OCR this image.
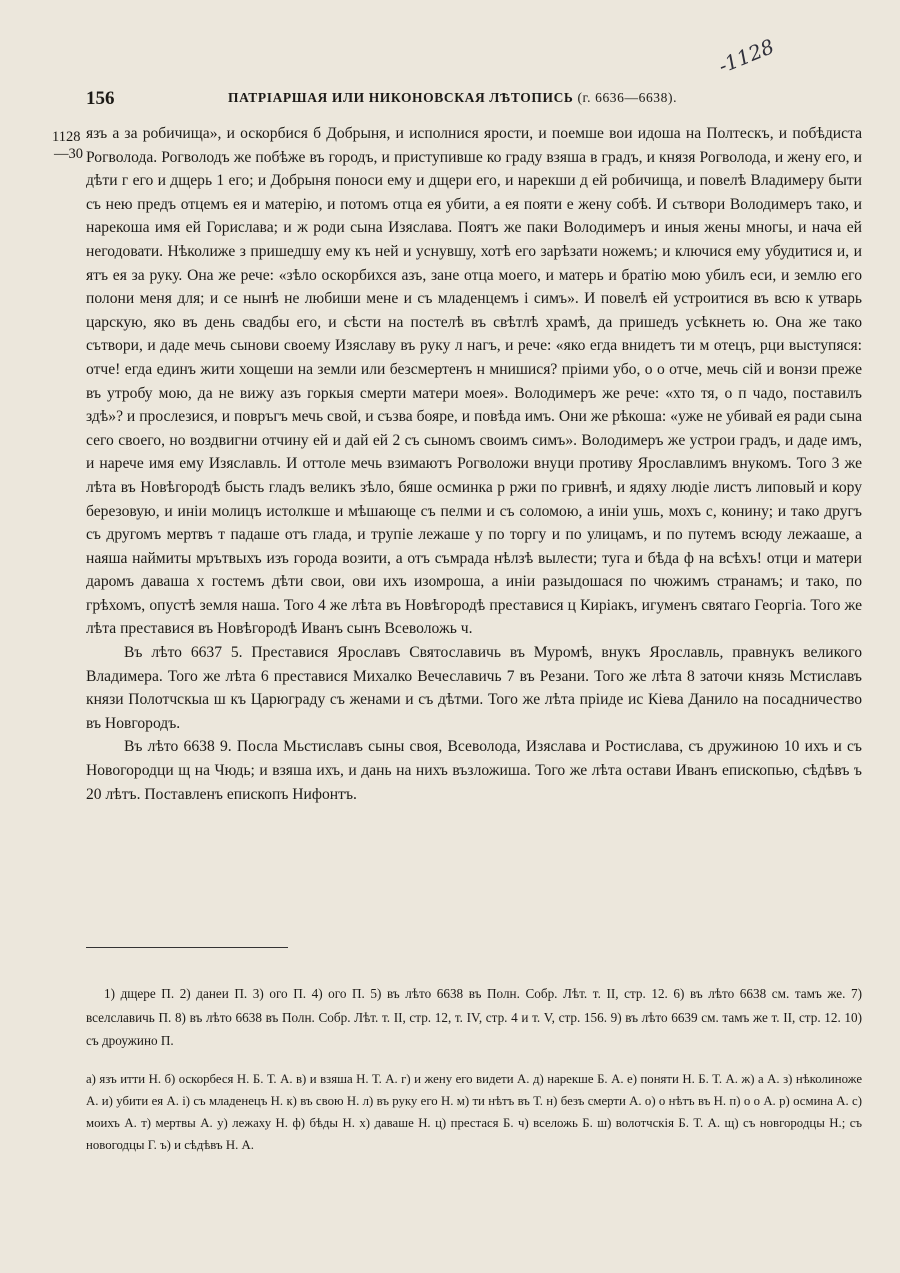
-1128
156	ПАТРІАРШАЯ ИЛИ НИКОНОВСКАЯ ЛѢТОПИСЬ (г. 6636—6638).
1128
—30

язъ а за робичища», и оскорбися б Добрыня, и исполнися ярости, и поемше вои идоша на Полтескъ, и побѣдиста Рогволода. Рогволодъ же побѣже въ городъ, и приступивше ко граду взяша в градъ, и князя Рогволода, и жену его, и дѣти г его и дщерь 1 его; и Добрыня поноси ему и дщери его, и нарекши д ей робичища, и повелѣ Владимеру быти съ нею предъ отцемъ ея и матерію, и потомъ отца ея убити, а ея пояти е жену собѣ. И сътвори Володимеръ тако, и нарекоша имя ей Горислава; и ж роди сына Изяслава. Поятъ же паки Володимеръ и иныя жены многы, и нача ей негодовати. Нѣколиже з пришедшу ему къ ней и уснувшу, хотѣ его зарѣзати ножемъ; и ключися ему убудитися и, и ятъ ея за руку. Она же рече: «зѣло оскорбихся азъ, зане отца моего, и матерь и братію мою убилъ еси, и землю его полони меня для; и се нынѣ не любиши мене и съ младенцемъ і симъ». И повелѣ ей устроитися въ всю к утварь царскую, яко въ день свадбы его, и сѣсти на постелѣ въ свѣтлѣ храмѣ, да пришедъ усѣкнеть ю. Она же тако сътвори, и даде мечь сынови своему Изяславу въ руку л нагъ, и рече: «яко егда внидетъ ти м отецъ, рци выступяся: отче! егда единъ жити хощеши на земли или безсмертенъ н мнишися? пріими убо, о о отче, мечь сій и вонзи преже въ утробу мою, да не вижу азъ горкыя смерти матери моея». Володимеръ же рече: «хто тя, о п чадо, поставилъ здѣ»? и прослезися, и повръгъ мечь свой, и съзва бояре, и повѣда имъ. Они же рѣкоша: «уже не убивай ея ради сына сего своего, но воздвигни отчину ей и дай ей 2 съ сыномъ своимъ симъ». Володимеръ же устрои градъ, и даде имъ, и нарече имя ему Изяславль. И оттоле мечь взимаютъ Рогволожи внуци противу Ярославлимъ внукомъ. Того 3 же лѣта въ Новѣгородѣ бысть гладъ великъ зѣло, бяше осминка р ржи по гривнѣ, и ядяху людіе листъ липовый и кору березовую, и иніи молицъ истолкше и мѣшающе съ пелми и съ соломою, а иніи ушь, мохъ с, конину; и тако другъ съ другомъ мертвъ т падаше отъ глада, и трупіе лежаше у по торгу и по улицамъ, и по путемъ всюду лежааше, а наяша наймиты мрътвыхъ изъ города возити, а отъ съмрада нѣлзѣ вылести; туга и бѣда ф на всѣхъ! отци и матери даромъ даваша х гостемъ дѣти свои, ови ихъ изомроша, а иніи разыдошася по чюжимъ странамъ; и тако, по грѣхомъ, опустѣ земля наша. Того 4 же лѣта въ Новѣгородѣ преставися ц Киріакъ, игуменъ святаго Георгіа. Того же лѣта преставися въ Новѣгородѣ Иванъ сынъ Всеволожь ч.

Въ лѣто 6637 5. Преставися Ярославъ Святославичь въ Муромѣ, внукъ Ярославль, правнукъ великого Владимера. Того же лѣта 6 преставися Михалко Вечеславичь 7 въ Резани. Того же лѣта 8 заточи князь Мстиславъ князи Полотчскыа ш къ Царюграду съ женами и съ дѣтми. Того же лѣта пріиде ис Кіева Данило на посадничество въ Новгородъ.

Въ лѣто 6638 9. Посла Мьстиславъ сыны своя, Всеволода, Изяслава и Ростислава, съ дружиною 10 ихъ и съ Новогородци щ на Чюдь; и взяша ихъ, и дань на нихъ възложиша. Того же лѣта остави Иванъ епископью, сѣдѣвъ ъ 20 лѣтъ. Поставленъ епископъ Нифонтъ.

1) дщере П. 2) данеи П. 3) ого П. 4) ого П. 5) въ лѣто 6638 въ Полн. Собр. Лѣт. т. II, стр. 12. 6) въ лѣто 6638 см. тамъ же. 7) вселславичь П. 8) въ лѣто 6638 въ Полн. Собр. Лѣт. т. II, стр. 12, т. IV, стр. 4 и т. V, стр. 156. 9) въ лѣто 6639 см. тамъ же т. II, стр. 12. 10) съ дроужино П.

а) язъ итти Н. б) оскорбеся Н. Б. Т. А. в) и взяша Н. Т. А. г) и жену его видети А. д) нарекше Б. А. е) поняти Н. Б. Т. А. ж) а А. з) нѣколиноже А. и) убити ея А. і) съ младенецъ Н. к) въ свою Н. л) въ руку его Н. м) ти нѣтъ въ Т. н) безъ смерти А. о) о нѣтъ въ Н. п) о о А. р) осмина А. с) моихъ А. т) мертвы А. у) лежаху Н. ф) бѣды Н. х) даваше Н. ц) престася Б. ч) вселожь Б. ш) волотчскія Б. Т. А. щ) съ новгородцы Н.; съ новогодцы Г. ъ) и сѣдѣвъ Н. А.
